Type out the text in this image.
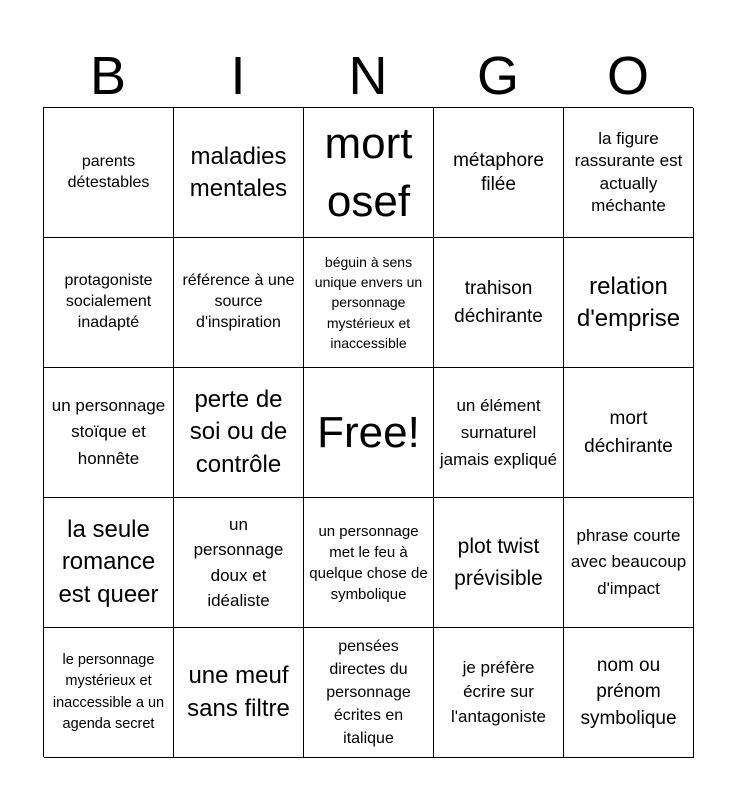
B	I	N	G	O
parents détestables
maladies mentales
mort osef
métaphore filée
la figure rassurante est actually méchante
protagoniste socialement inadapté
référence à une source d'inspiration
béguin à sens unique envers un personnage mystérieux et inaccessible
trahison déchirante
relation d'emprise
un personnage stoïque et honnête
perte de soi ou de contrôle
Free!
un élément surnaturel jamais expliqué
mort déchirante
la seule romance est queer
un personnage doux et idéaliste
un personnage met le feu à quelque chose de symbolique
plot twist prévisible
phrase courte avec beaucoup d'impact
le personnage mystérieux et inaccessible a un agenda secret
une meuf sans filtre
pensées directes du personnage écrites en italique
je préfère écrire sur l'antagoniste
nom ou prénom symbolique
